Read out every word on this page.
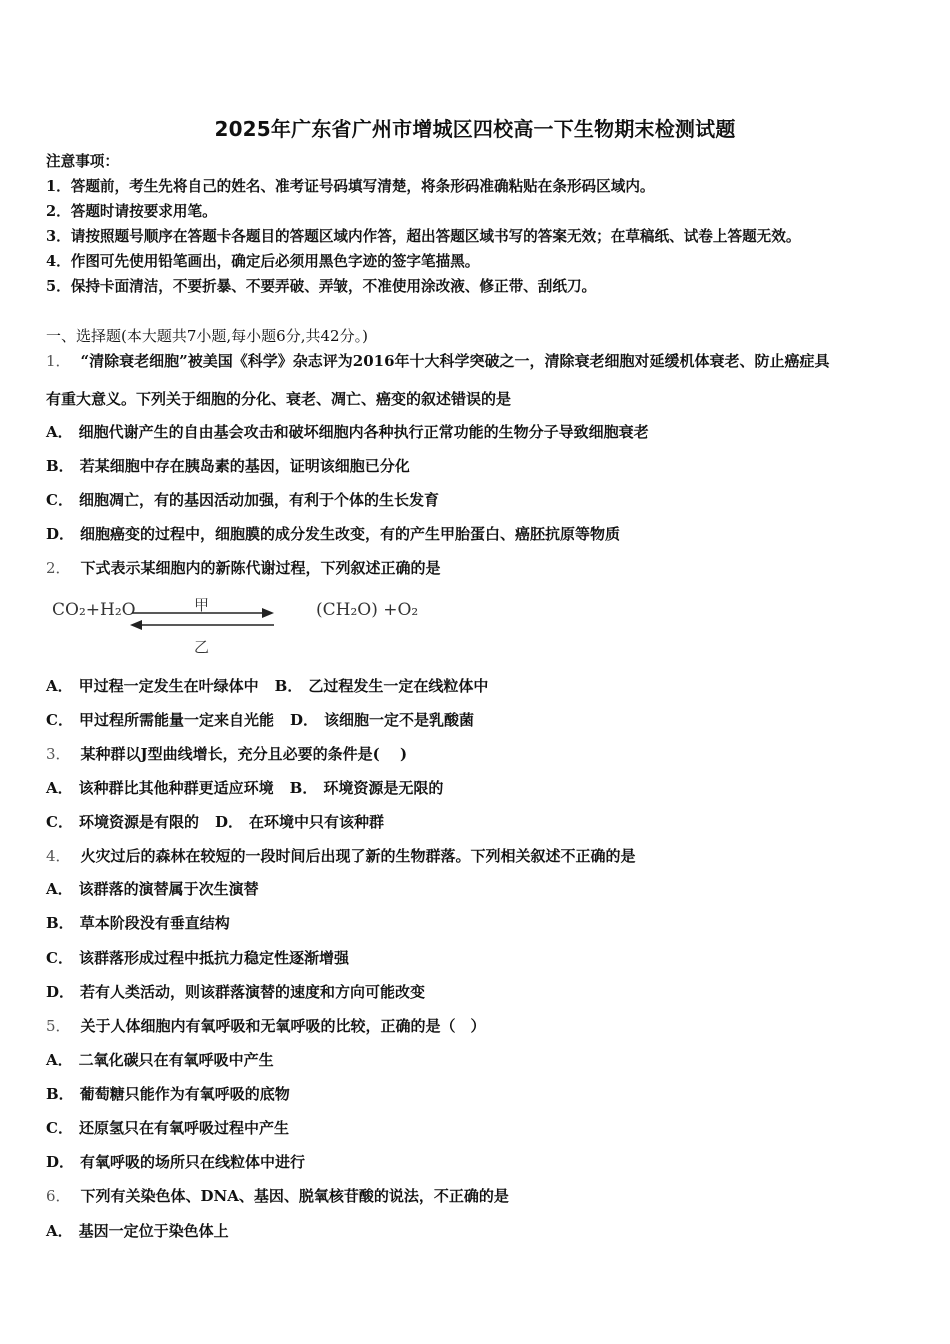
2025年广东省广州市增城区四校高一下生物期末检测试题
注意事项：
1．答题前，考生先将自己的姓名、准考证号码填写清楚，将条形码准确粘贴在条形码区域内。
2．答题时请按要求用笔。
3．请按照题号顺序在答题卡各题目的答题区域内作答，超出答题区域书写的答案无效；在草稿纸、试卷上答题无效。
4．作图可先使用铅笔画出，确定后必须用黑色字迹的签字笔描黑。
5．保持卡面清洁，不要折暴、不要弄破、弄皱，不准使用涂改液、修正带、刮纸刀。
一、选择题(本大题共7小题,每小题6分,共42分。)
1． “清除衰老细胞”被美国《科学》杂志评为2016年十大科学突破之一，清除衰老细胞对延缓机体衰老、防止癌症具
有重大意义。下列关于细胞的分化、衰老、凋亡、癌变的叙述错误的是
A． 细胞代谢产生的自由基会攻击和破坏细胞内各种执行正常功能的生物分子导致细胞衰老
B． 若某细胞中存在胰岛素的基因，证明该细胞已分化
C． 细胞凋亡，有的基因活动加强，有利于个体的生长发育
D． 细胞癌变的过程中，细胞膜的成分发生改变，有的产生甲胎蛋白、癌胚抗原等物质
2． 下式表示某细胞内的新陈代谢过程，下列叙述正确的是
CO₂+H₂O	甲
乙
(CH₂O) +O₂
A． 甲过程一定发生在叶绿体中 B． 乙过程发生一定在线粒体中
C． 甲过程所需能量一定来自光能 D． 该细胞一定不是乳酸菌
3． 某种群以J型曲线增长，充分且必要的条件是(　 )
A． 该种群比其他种群更适应环境 B． 环境资源是无限的
C． 环境资源是有限的 D． 在环境中只有该种群
4． 火灾过后的森林在较短的一段时间后出现了新的生物群落。下列相关叙述不正确的是
A． 该群落的演替属于次生演替
B． 草本阶段没有垂直结构
C． 该群落形成过程中抵抗力稳定性逐渐增强
D． 若有人类活动，则该群落演替的速度和方向可能改变
5． 关于人体细胞内有氧呼吸和无氧呼吸的比较，正确的是（　）
A． 二氧化碳只在有氧呼吸中产生
B． 葡萄糖只能作为有氧呼吸的底物
C． 还原氢只在有氧呼吸过程中产生
D． 有氧呼吸的场所只在线粒体中进行
6． 下列有关染色体、DNA、基因、脱氧核苷酸的说法，不正确的是
A． 基因一定位于染色体上
